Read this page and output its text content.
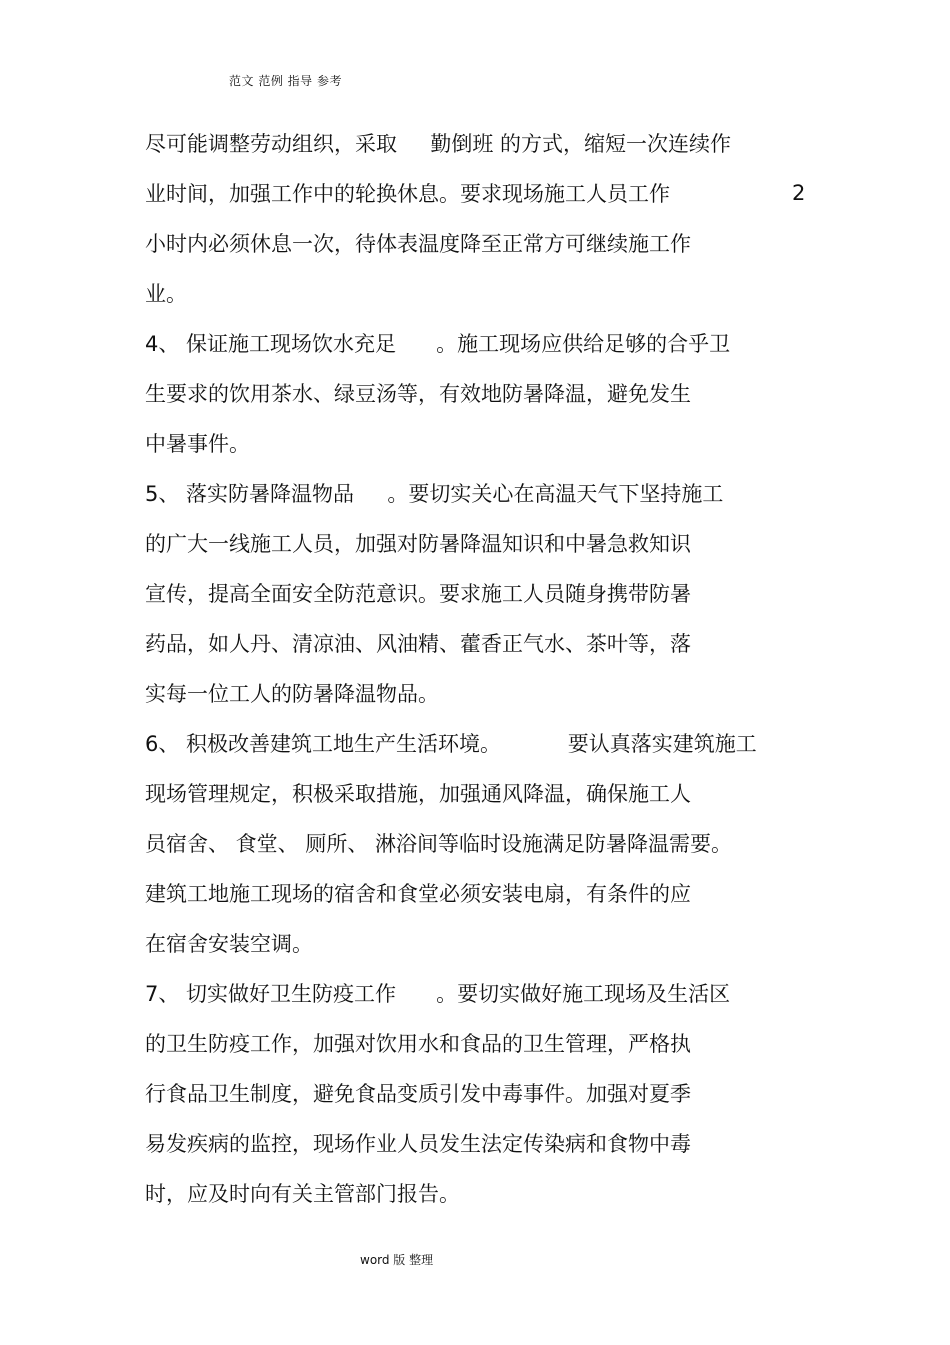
范文 范例 指导 参考
尽可能调整劳动组织，采取     勤倒班 的方式，缩短一次连续作
业时间，加强工作中的轮换休息。要求现场施工人员工作	2
小时内必须休息一次，待体表温度降至正常方可继续施工作
业。
4、 保证施工现场饮水充足      。施工现场应供给足够的合乎卫
生要求的饮用茶水、绿豆汤等，有效地防暑降温，避免发生
中暑事件。
5、 落实防暑降温物品     。要切实关心在高温天气下坚持施工
的广大一线施工人员，加强对防暑降温知识和中暑急救知识
宣传，提高全面安全防范意识。要求施工人员随身携带防暑
药品，如人丹、清凉油、风油精、藿香正气水、茶叶等，落
实每一位工人的防暑降温物品。
6、 积极改善建筑工地生产生活环境。          要认真落实建筑施工
现场管理规定，积极采取措施，加强通风降温，确保施工人
员宿舍、 食堂、 厕所、 淋浴间等临时设施满足防暑降温需要。
建筑工地施工现场的宿舍和食堂必须安装电扇，有条件的应
在宿舍安装空调。
7、 切实做好卫生防疫工作      。要切实做好施工现场及生活区
的卫生防疫工作，加强对饮用水和食品的卫生管理，严格执
行食品卫生制度，避免食品变质引发中毒事件。加强对夏季
易发疾病的监控，现场作业人员发生法定传染病和食物中毒
时，应及时向有关主管部门报告。
word 版 整理
